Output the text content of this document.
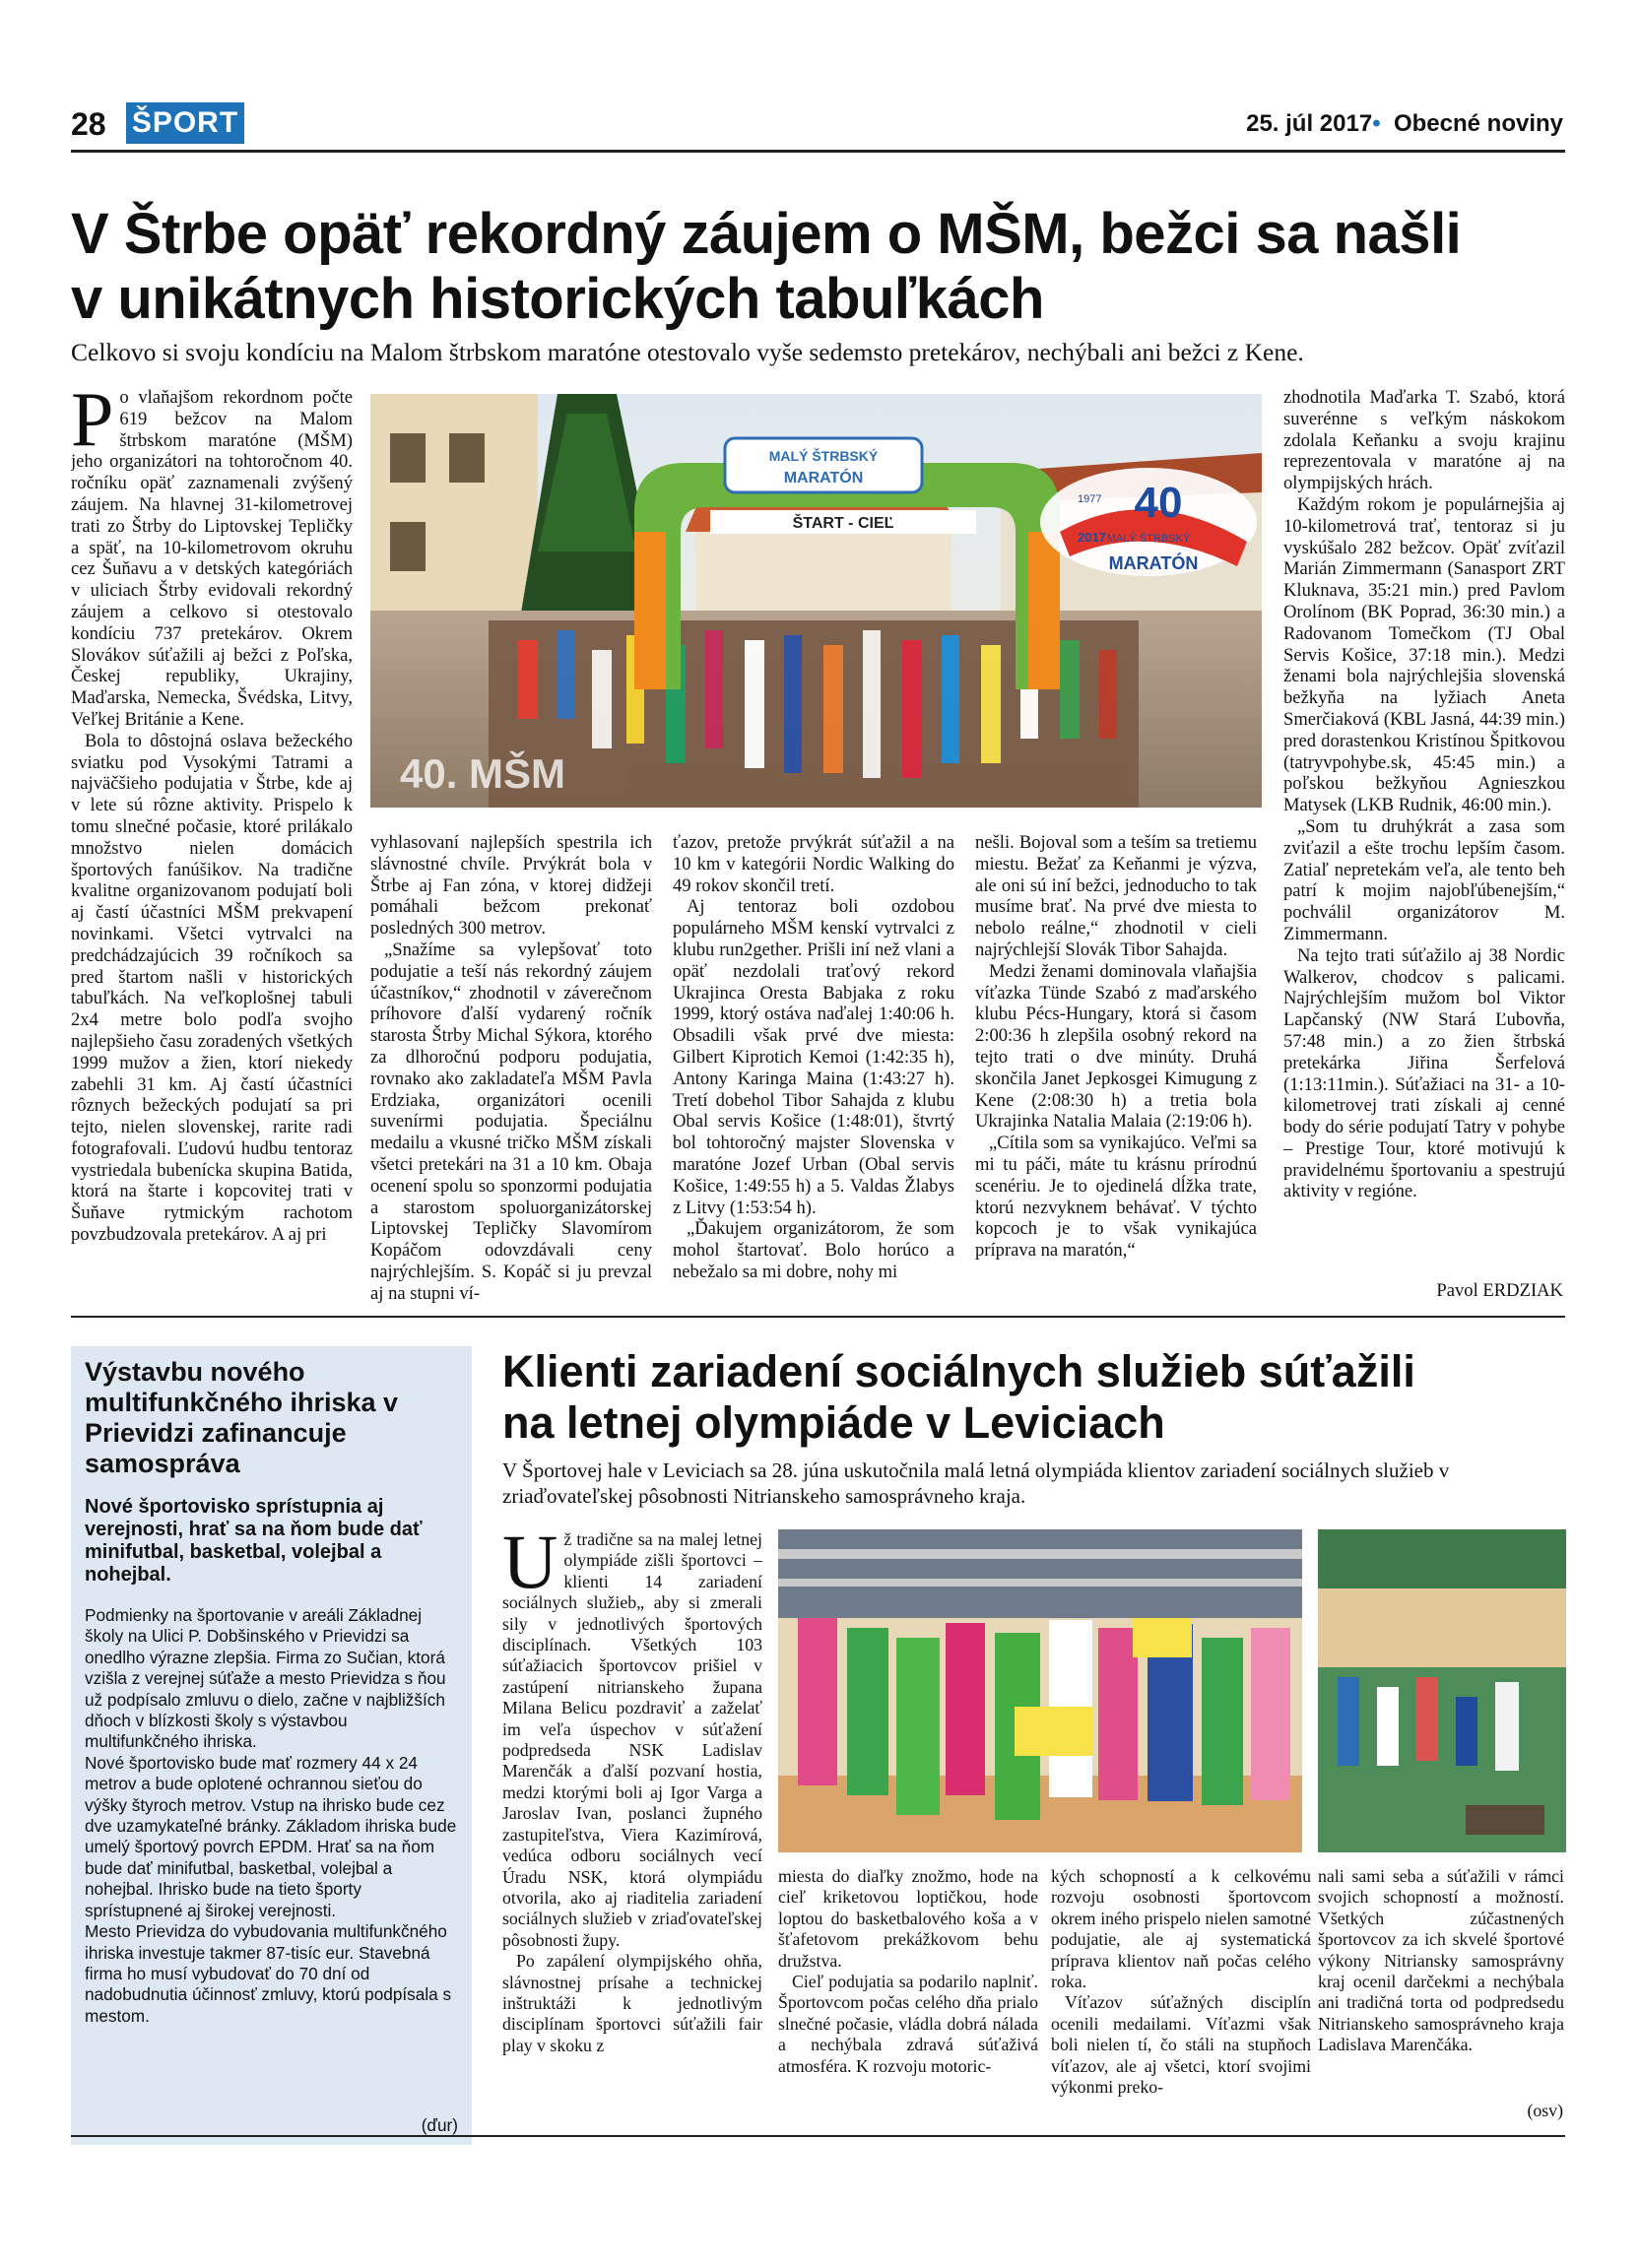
28 ŠPORT	25. júl 2017• Obecné noviny
V Štrbe opäť rekordný záujem o MŠM, bežci sa našli
v unikátnych historických tabuľkách
Celkovo si svoju kondíciu na Malom štrbskom maratóne otestovalo vyše sedemsto pretekárov, nechýbali ani bežci z Kene.

Po vlaňajšom rekordnom počte 619 bežcov na Malom štrbskom maratóne (MŠM) jeho organizátori na tohtoročnom 40. ročníku opäť zaznamenali zvýšený záujem. Na hlavnej 31-kilometrovej trati zo Štrby do Liptovskej Tepličky a späť, na 10-kilometrovom okruhu cez Šuňavu a v detských kategóriách v uliciach Štrby evidovali rekordný záujem a celkovo si otestovalo kondíciu 737 pretekárov. Okrem Slovákov súťažili aj bežci z Poľska, Českej republiky, Ukrajiny, Maďarska, Nemecka, Švédska, Litvy, Veľkej Británie a Kene.

Bola to dôstojná oslava bežeckého sviatku pod Vysokými Tatrami a najväčšieho podujatia v Štrbe, kde aj v lete sú rôzne aktivity. Prispelo k tomu slnečné počasie, ktoré prilákalo množstvo nielen domácich športových fanúšikov. Na tradične kvalitne organizovanom podujatí boli aj častí účastníci MŠM prekvapení novinkami. Všetci vytrvalci na predchádzajúcich 39 ročníkoch sa pred štartom našli v historických tabuľkách. Na veľkoplošnej tabuli 2x4 metre bolo podľa svojho najlepšieho času zoradených všetkých 1999 mužov a žien, ktorí niekedy zabehli 31 km. Aj častí účastníci rôznych bežeckých podujatí sa pri tejto, nielen slovenskej, rarite radi fotografovali. Ľudovú hudbu tentoraz vystriedala bubenícka skupina Batida, ktorá na štarte i kopcovitej trati v Šuňave rytmickým rachotom povzbudzovala pretekárov. A aj pri

MALÝ ŠTRBSKÝ
MARATÓN
ŠTART - CIEĽ	40
1977
2017 MALÝ ŠTRBSKÝ
MARATÓN
40. MŠM

vyhlasovaní najlepších spestrila ich slávnostné chvíle. Prvýkrát bola v Štrbe aj Fan zóna, v ktorej didžeji pomáhali bežcom prekonať posledných 300 metrov.

„Snažíme sa vylepšovať toto podujatie a teší nás rekordný záujem účastníkov,“ zhodnotil v záverečnom príhovore ďalší vydarený ročník starosta Štrby Michal Sýkora, ktorého za dlhoročnú podporu podujatia, rovnako ako zakladateľa MŠM Pavla Erdziaka, organizátori ocenili suvenírmi podujatia. Špeciálnu medailu a vkusné tričko MŠM získali všetci pretekári na 31 a 10 km. Obaja ocenení spolu so sponzormi podujatia a starostom spoluorganizátorskej Liptovskej Tepličky Slavomírom Kopáčom odovzdávali ceny najrýchlejším. S. Kopáč si ju prevzal aj na stupni ví-

ťazov, pretože prvýkrát súťažil a na 10 km v kategórii Nordic Walking do 49 rokov skončil tretí.

Aj tentoraz boli ozdobou populárneho MŠM kenskí vytrvalci z klubu run2gether. Prišli iní než vlani a opäť nezdolali traťový rekord Ukrajinca Oresta Babjaka z roku 1999, ktorý ostáva naďalej 1:40:06 h. Obsadili však prvé dve miesta: Gilbert Kiprotich Kemoi (1:42:35 h), Antony Karinga Maina (1:43:27 h). Tretí dobehol Tibor Sahajda z klubu Obal servis Košice (1:48:01), štvrtý bol tohtoročný majster Slovenska v maratóne Jozef Urban (Obal servis Košice, 1:49:55 h) a 5. Valdas Žlabys z Litvy (1:53:54 h).

„Ďakujem organizátorom, že som mohol štartovať. Bolo horúco a nebežalo sa mi dobre, nohy mi

nešli. Bojoval som a teším sa tretiemu miestu. Bežať za Keňanmi je výzva, ale oni sú iní bežci, jednoducho to tak musíme brať. Na prvé dve miesta to nebolo reálne,“ zhodnotil v cieli najrýchlejší Slovák Tibor Sahajda.

Medzi ženami dominovala vlaňajšia víťazka Tünde Szabó z maďarského klubu Pécs-Hungary, ktorá si časom 2:00:36 h zlepšila osobný rekord na tejto trati o dve minúty. Druhá skončila Janet Jepkosgei Kimugung z Kene (2:08:30 h) a tretia bola Ukrajinka Natalia Malaia (2:19:06 h).

„Cítila som sa vynikajúco. Veľmi sa mi tu páči, máte tu krásnu prírodnú scenériu. Je to ojedinelá dĺžka trate, ktorú nezvyknem behávať. V týchto kopcoch je to však vynikajúca príprava na maratón,“

zhodnotila Maďarka T. Szabó, ktorá suverénne s veľkým náskokom zdolala Keňanku a svoju krajinu reprezentovala v maratóne aj na olympijských hrách.

Každým rokom je populárnejšia aj 10-kilometrová trať, tentoraz si ju vyskúšalo 282 bežcov. Opäť zvíťazil Marián Zimmermann (Sanasport ZRT Kluknava, 35:21 min.) pred Pavlom Orolínom (BK Poprad, 36:30 min.) a Radovanom Tomečkom (TJ Obal Servis Košice, 37:18 min.). Medzi ženami bola najrýchlejšia slovenská bežkyňa na lyžiach Aneta Smerčiaková (KBL Jasná, 44:39 min.) pred dorastenkou Kristínou Špitkovou (tatryvpohybe.sk, 45:45 min.) a poľskou bežkyňou Agnieszkou Matysek (LKB Rudnik, 46:00 min.).

„Som tu druhýkrát a zasa som zviťazil a ešte trochu lepším časom. Zatiaľ nepretekám veľa, ale tento beh patrí k mojim najobľúbenejším,“ pochválil organizátorov M. Zimmermann.

Na tejto trati súťažilo aj 38 Nordic Walkerov, chodcov s palicami. Najrýchlejším mužom bol Viktor Lapčanský (NW Stará Ľubovňa, 57:48 min.) a zo žien štrbská pretekárka Jiřina Šerfelová (1:13:11min.). Súťažiaci na 31- a 10-kilometrovej trati získali aj cenné body do série podujatí Tatry v pohybe – Prestige Tour, ktoré motivujú k pravidelnému športovaniu a spestrujú aktivity v regióne.

Pavol ERDZIAK
Výstavbu nového multifunkčného ihriska v Prievidzi zafinancuje samospráva
Nové športovisko sprístupnia aj verejnosti, hrať sa na ňom bude dať minifutbal, basketbal, volejbal a nohejbal.

Podmienky na športovanie v areáli Základnej školy na Ulici P. Dobšinského v Prievidzi sa onedlho výrazne zlepšia. Firma zo Sučian, ktorá vzišla z verejnej súťaže a mesto Prievidza s ňou už podpísalo zmluvu o dielo, začne v najbližších dňoch v blízkosti školy s výstavbou multifunkčného ihriska.

Nové športovisko bude mať rozmery 44 x 24 metrov a bude oplotené ochrannou sieťou do výšky štyroch metrov. Vstup na ihrisko bude cez dve uzamykateľné bránky. Základom ihriska bude umelý športový povrch EPDM. Hrať sa na ňom bude dať minifutbal, basketbal, volejbal a nohejbal. Ihrisko bude na tieto športy sprístupnené aj širokej verejnosti.

Mesto Prievidza do vybudovania multifunkčného ihriska investuje takmer 87-tisíc eur. Stavebná firma ho musí vybudovať do 70 dní od nadobudnutia účinnosť zmluvy, ktorú podpísala s mestom.

(ďur)
Klienti zariadení sociálnych služieb súťažili
na letnej olympiáde v Leviciach
V Športovej hale v Leviciach sa 28. júna uskutočnila malá letná olympiáda klientov zariadení sociálnych služieb v zriaďovateľskej pôsobnosti Nitrianskeho samosprávneho kraja.

Už tradične sa na malej letnej olympiáde zišli športovci – klienti 14 zariadení sociálnych služieb„ aby si zmerali sily v jednotlivých športových disciplínach. Všetkých 103 súťažiacich športovcov prišiel v zastúpení nitrianskeho župana Milana Belicu pozdraviť a zaželať im veľa úspechov v súťažení podpredseda NSK Ladislav Marenčák a ďalší pozvaní hostia, medzi ktorými boli aj Igor Varga a Jaroslav Ivan, poslanci župného zastupiteľstva, Viera Kazimírová, vedúca odboru sociálnych vecí Úradu NSK, ktorá olympiádu otvorila, ako aj riaditelia zariadení sociálnych služieb v zriaďovateľskej pôsobnosti župy.

Po zapálení olympijského ohňa, slávnostnej prísahe a technickej inštruktáži k jednotlivým disciplínam športovci súťažili fair play v skoku z

miesta do diaľky znožmo, hode na cieľ kriketovou loptičkou, hode loptou do basketbalového koša a v šťafetovom prekážkovom behu družstva.

Cieľ podujatia sa podarilo naplniť. Športovcom počas celého dňa prialo slnečné počasie, vládla dobrá nálada a nechýbala zdravá súťaživá atmosféra. K rozvoju motoric-

kých schopností a k celkovému rozvoju osobnosti športovcom okrem iného prispelo nielen samotné podujatie, ale aj systematická príprava klientov naň počas celého roka.

Víťazov súťažných disciplín ocenili medailami. Víťazmi však boli nielen tí, čo stáli na stupňoch víťazov, ale aj všetci, ktorí svojimi výkonmi preko-

nali sami seba a súťažili v rámci svojich schopností a možností. Všetkých zúčastnených športovcov za ich skvelé športové výkony Nitriansky samosprávny kraj ocenil darčekmi a nechýbala ani tradičná torta od podpredsedu Nitrianskeho samosprávneho kraja Ladislava Marenčáka.

(osv)
